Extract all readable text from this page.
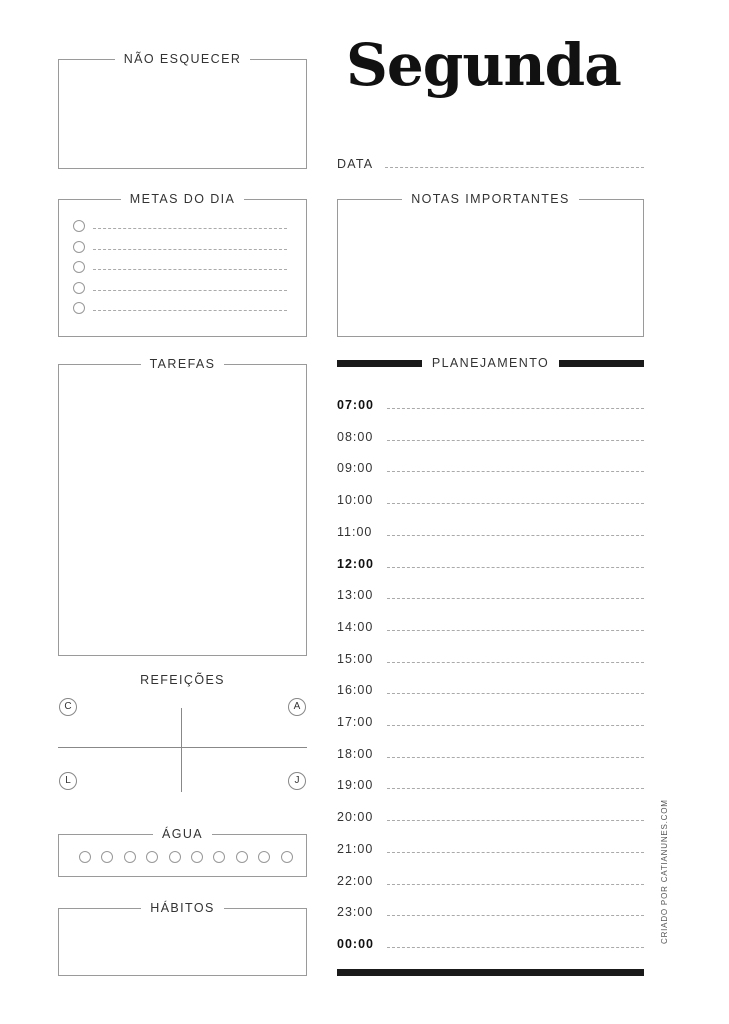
NÃO ESQUECER	Segunda
DATA
METAS DO DIA	NOTAS IMPORTANTES
TAREFAS	PLANEJAMENTO
07:00
08:00
09:00
10:00
11:00
12:00
13:00
14:00
15:00
16:00
17:00
18:00
19:00
20:00
21:00
22:00
23:00
00:00	CRIADO POR CATIANUNES.COM
REFEIÇÕES
C	A
L	J
ÁGUA
HÁBITOS
